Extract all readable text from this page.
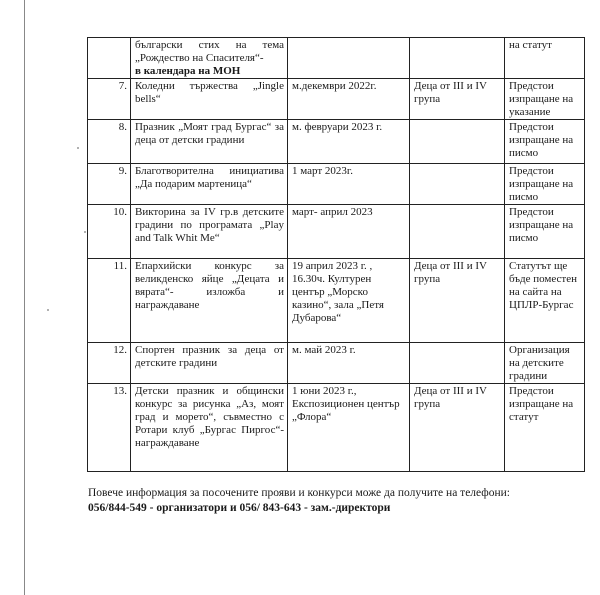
	български стих на тема „Рождество на Спасителя“-
в календара на МОН			на статут
7.	Коледни тържества „Jingle bells“	м.декември 2022г.	Деца от III и IV група	Предстои изпращане на указание
8.	Празник „Моят град Бургас“ за деца от детски градини	м. февруари 2023 г.		Предстои изпращане на писмо
9.	Благотворителна инициатива „Да подарим мартеница“	1 март 2023г.		Предстои изпращане на писмо
10.	Викторина за IV гр.в детските градини по програмата „Play and Talk Whit Me“	март- април 2023		Предстои изпращане на писмо
11.	Епархийски конкурс за великденско яйце „Децата и вярата“- изложба и награждаване	19 април 2023 г. , 16.30ч. Културен център „Морско казино“, зала „Петя Дубарова“	Деца от III и IV група	Статутът ще бъде поместен на сайта на ЦПЛР-Бургас
12.	Спортен празник за деца от детските градини	м. май 2023 г.		Организация на детските градини
13.	Детски празник и общински конкурс за рисунка „Аз, моят град и морето“, съвместно с Ротари клуб „Бургас Пиргос“- награждаване	1 юни 2023 г., Експозиционен център „Флора“	Деца от III и IV група	Предстои изпращане на статут
Повече информация за посочените прояви и конкурси може да получите на телефони:
056/844-549 - организатори и 056/ 843-643 - зам.-директори
